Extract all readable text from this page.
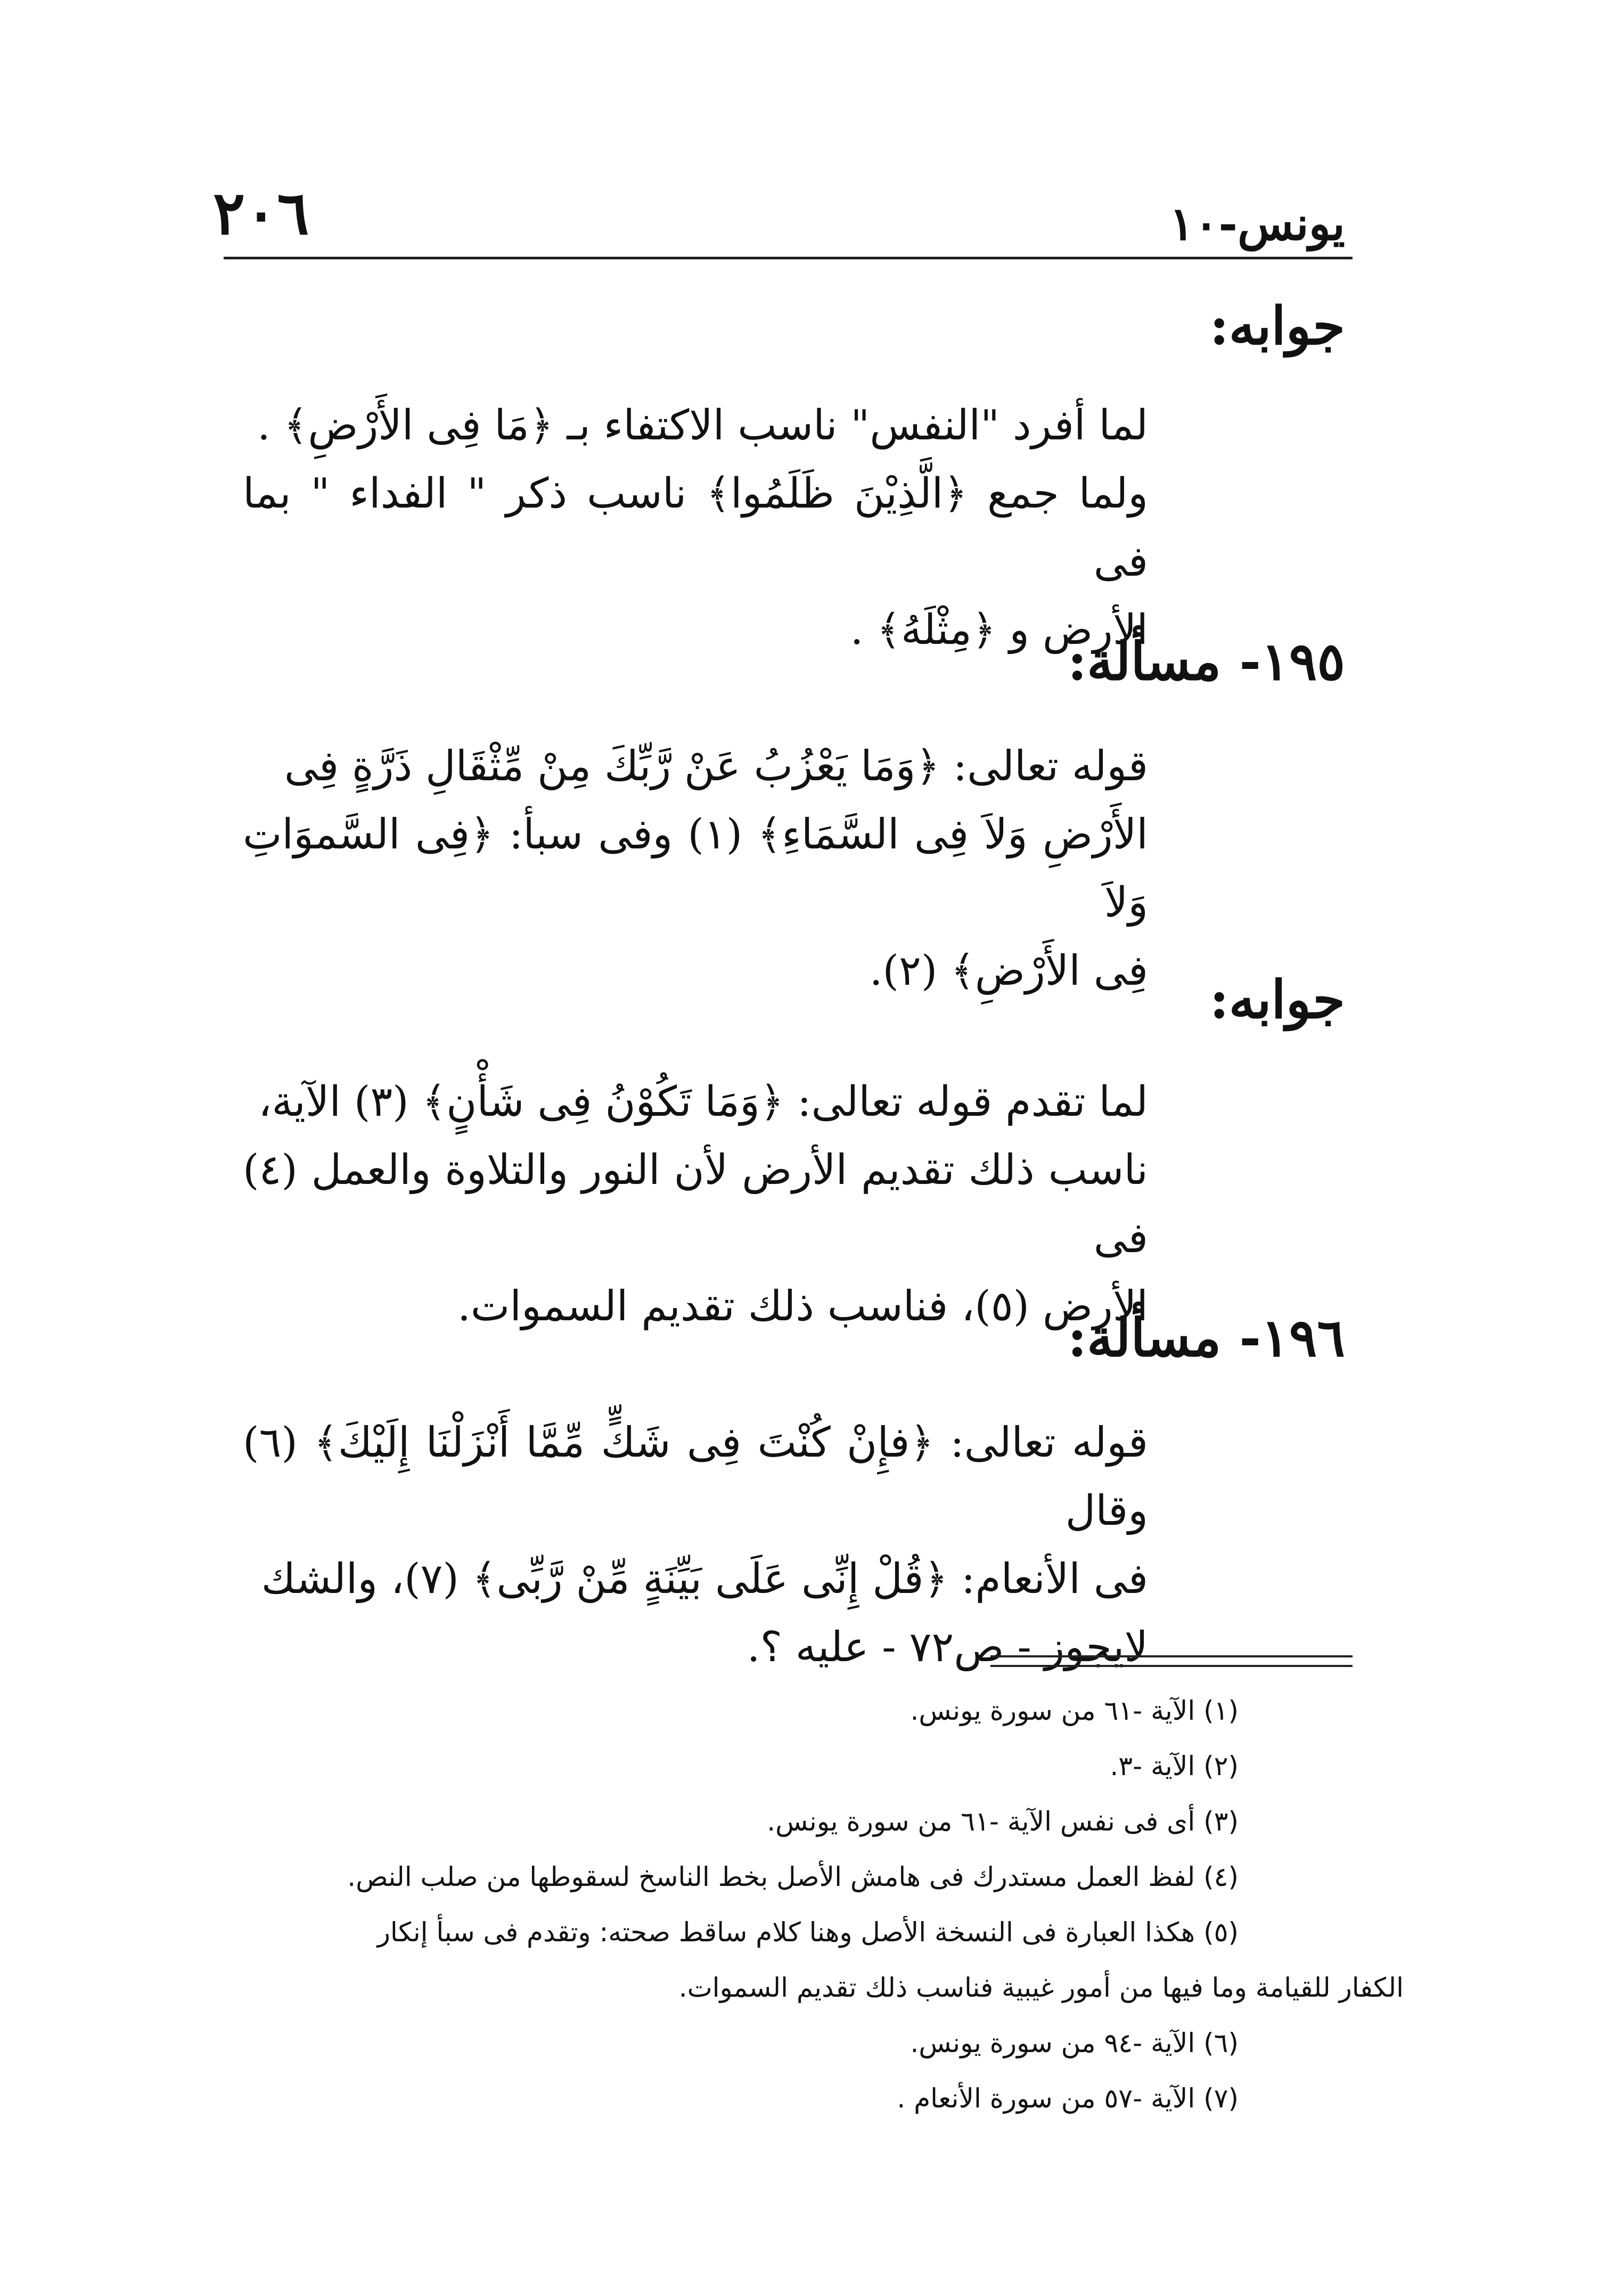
٢٠٦	يونس-١٠
جوابه:
لما أفرد "النفس" ناسب الاكتفاء بـ ﴿مَا فِى الأَرْضِ﴾ .
ولما جمع ﴿الَّذِيْنَ ظَلَمُوا﴾ ناسب ذكر " الفداء " بما فى
الأرض و ﴿مِثْلَهُ﴾ .
١٩٥- مسألة:
قوله تعالى: ﴿وَمَا يَعْزُبُ عَنْ رَّبِّكَ مِنْ مِّثْقَالِ ذَرَّةٍ فِى
الأَرْضِ وَلاَ فِى السَّمَاءِ﴾ (١) وفى سبأ: ﴿فِى السَّموَاتِ وَلاَ
فِى الأَرْضِ﴾ (٢). جوابه:
لما تقدم قوله تعالى: ﴿وَمَا تَكُوْنُ فِى شَأْنٍ﴾ (٣) الآية،
ناسب ذلك تقديم الأرض لأن النور والتلاوة والعمل (٤) فى
الأرض (٥)، فناسب ذلك تقديم السموات.
١٩٦- مسألة:
قوله تعالى: ﴿فإِنْ كُنْتَ فِى شَكٍّ مِّمَّا أَنْزَلْنَا إِلَيْكَ﴾ (٦) وقال
فى الأنعام: ﴿قُلْ إِنِّى عَلَى بَيِّنَةٍ مِّنْ رَّبِّى﴾ (٧)، والشك
لايجوز - ص٧٢ - عليه ؟.

(١) الآية -٦١ من سورة يونس.

(٢) الآية -٣.

(٣) أى فى نفس الآية -٦١ من سورة يونس.

(٤) لفظ العمل مستدرك فى هامش الأصل بخط الناسخ لسقوطها من صلب النص.

(٥) هكذا العبارة فى النسخة الأصل وهنا كلام ساقط صحته: وتقدم فى سبأ إنكار

الكفار للقيامة وما فيها من أمور غيبية فناسب ذلك تقديم السموات.

(٦) الآية -٩٤ من سورة يونس.

(٧) الآية -٥٧ من سورة الأنعام .
